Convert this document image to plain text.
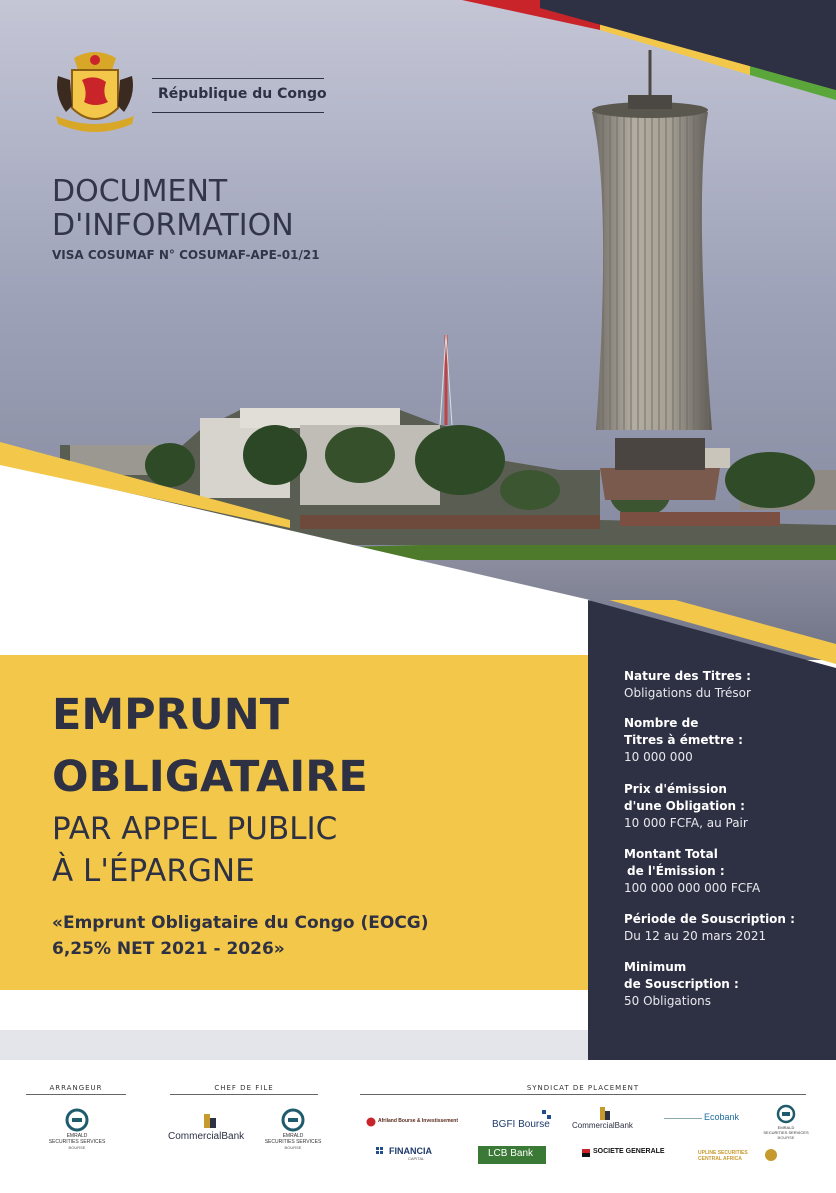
République du Congo
DOCUMENT
D'INFORMATION
VISA COSUMAF N° COSUMAF-APE-01/21
EMPRUNT
OBLIGATAIRE
PAR APPEL PUBLIC
À L'ÉPARGNE
«Emprunt Obligataire du Congo (EOCG)
6,25% NET 2021 - 2026»
Nature des Titres :
Obligations du Trésor
Nombre de
Titres à émettre :
10 000 000
Prix d'émission
d'une Obligation :
10 000 FCFA, au Pair
Montant Total
de l'Émission :
100 000 000 000 FCFA
Période de Souscription :
Du 12 au 20 mars 2021
Minimum
de Souscription :
50 Obligations
ARRANGEUR	CHEF DE FILE	SYNDICAT DE PLACEMENT
EMRALD
SECURITIES SERVICES
BOURSE
CommercialBank	EMRALD
SECURITIES SERVICES
BOURSE
Afriland Bourse & Investissement	BGFI Bourse	CommercialBank
Ecobank
EMRALD
SECURITIES SERVICES
BOURSE
FINANCIA
CAPITAL	LCB Bank	SOCIETE GENERALE	UPLINE SECURITIES CENTRAL AFRICA
